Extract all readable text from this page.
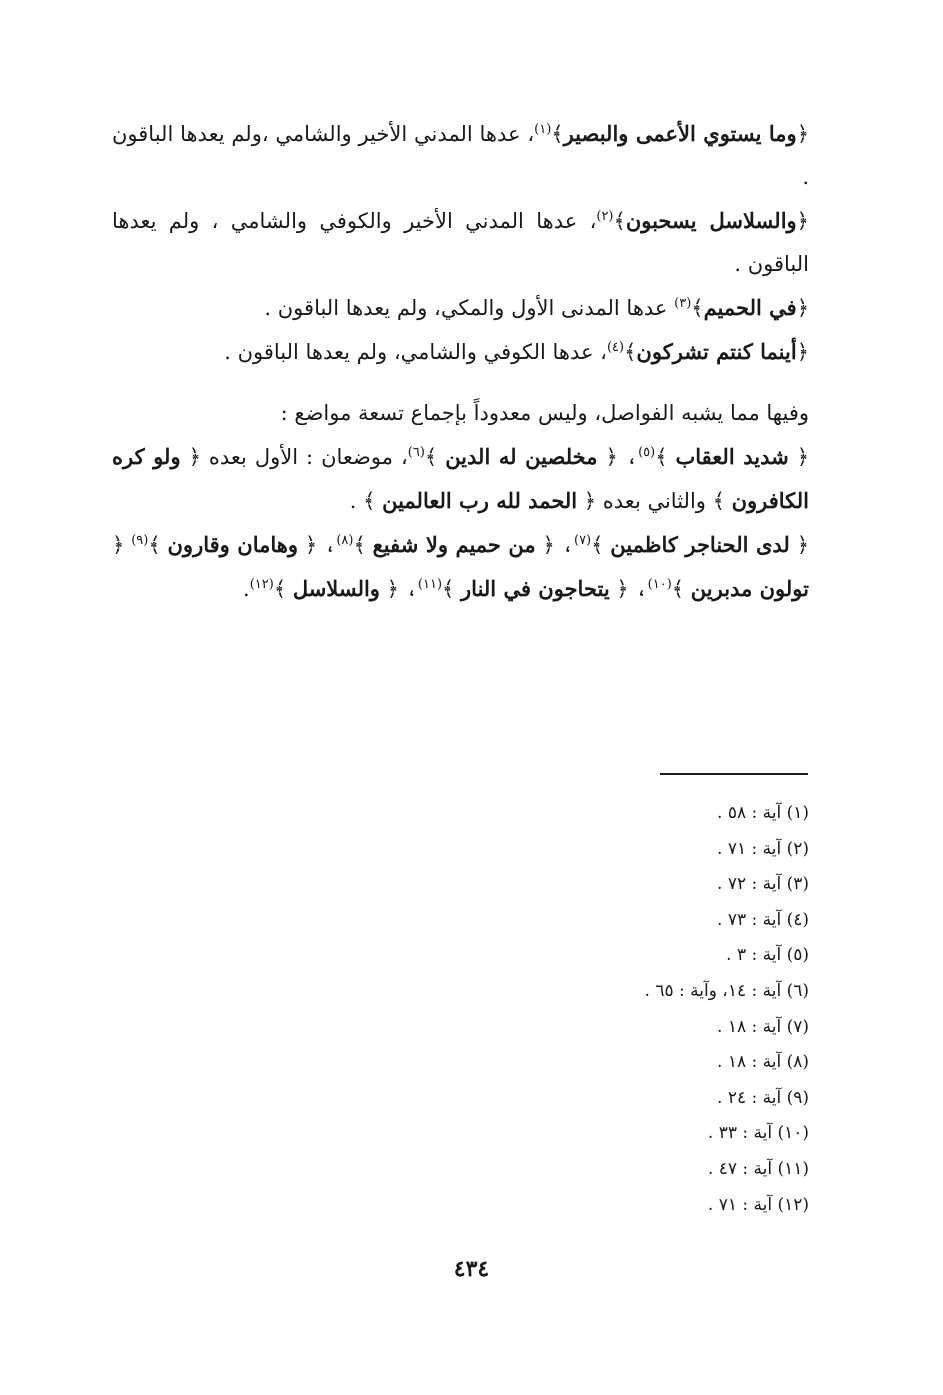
﴿وما يستوي الأعمى والبصير﴾$^{(١)}$، عدها المدني الأخير والشامي ،ولم يعدها الباقون .

﴿والسلاسل يسحبون﴾$^{(٢)}$، عدها المدني الأخير والكوفي والشامي ، ولم يعدها الباقون .

﴿في الحميم﴾$^{(٣)}$ عدها المدنى الأول والمكي، ولم يعدها الباقون .

﴿أينما كنتم تشركون﴾$^{(٤)}$، عدها الكوفي والشامي، ولم يعدها الباقون .

وفيها مما يشبه الفواصل، وليس معدوداً بإجماع تسعة مواضع :

﴿ شديد العقاب ﴾$^{(٥)}$، ﴿ مخلصين له الدين ﴾$^{(٦)}$، موضعان : الأول بعده ﴿ ولو كره الكافرون ﴾ والثاني بعده ﴿ الحمد لله رب العالمين ﴾ .

﴿ لدى الحناجر كاظمين ﴾$^{(٧)}$، ﴿ من حميم ولا شفيع ﴾$^{(٨)}$، ﴿ وهامان وقارون ﴾$^{(٩)}$ ﴿ تولون مدبرين ﴾$^{(١٠)}$، ﴿ يتحاجون في النار ﴾$^{(١١)}$، ﴿ والسلاسل ﴾$^{(١٢)}$.

(١) آية : ٥٨ .
(٢) آية : ٧١ .
(٣) آية : ٧٢ .
(٤) آية : ٧٣ .
(٥) آية : ٣ .
(٦) آية : ١٤، وآية : ٦٥ .
(٧) آية : ١٨ .
(٨) آية : ١٨ .
(٩) آية : ٢٤ .
(١٠) آية : ٣٣ .
(١١) آية : ٤٧ .
(١٢) آية : ٧١ .
٤٣٤
